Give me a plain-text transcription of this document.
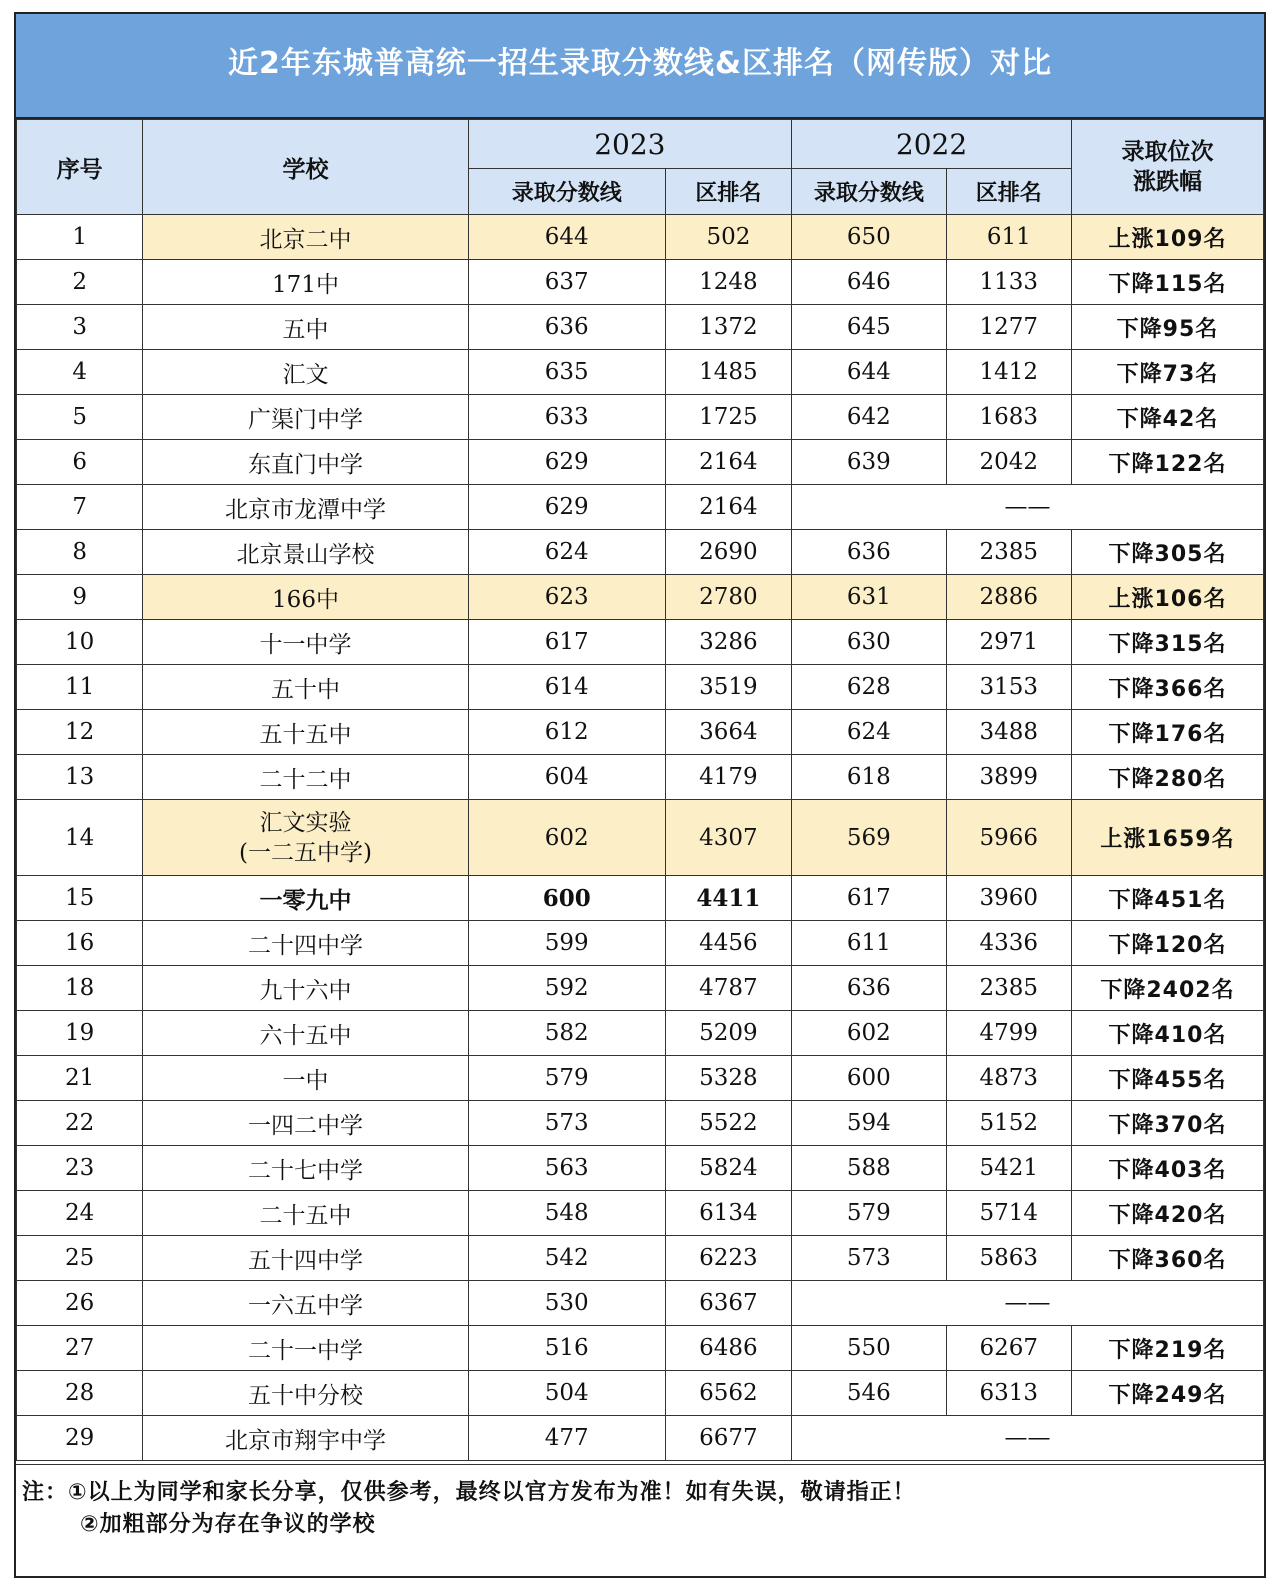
近2年东城普高统一招生录取分数线&区排名（网传版）对比
序号	学校	2023		2022		录取位次
涨跌幅

		录取分数线	区排名	录取分数线	区排名	
1	北京二中	644	502	650	611	上涨109名
2	171中	637	1248	646	1133	下降115名
3	五中	636	1372	645	1277	下降95名
4	汇文	635	1485	644	1412	下降73名
5	广渠门中学	633	1725	642	1683	下降42名
6	东直门中学	629	2164	639	2042	下降122名
7	北京市龙潭中学	629	2164	——		
8	北京景山学校	624	2690	636	2385	下降305名
9	166中	623	2780	631	2886	上涨106名
10	十一中学	617	3286	630	2971	下降315名
11	五十中	614	3519	628	3153	下降366名
12	五十五中	612	3664	624	3488	下降176名
13	二十二中	604	4179	618	3899	下降280名
14	汇文实验
(一二五中学)	602	4307	569	5966	上涨1659名
15	一零九中	600	4411	617	3960	下降451名
16	二十四中学	599	4456	611	4336	下降120名
18	九十六中	592	4787	636	2385	下降2402名
19	六十五中	582	5209	602	4799	下降410名
21	一中	579	5328	600	4873	下降455名
22	一四二中学	573	5522	594	5152	下降370名
23	二十七中学	563	5824	588	5421	下降403名
24	二十五中	548	6134	579	5714	下降420名
25	五十四中学	542	6223	573	5863	下降360名
26	一六五中学	530	6367	——		
27	二十一中学	516	6486	550	6267	下降219名
28	五十中分校	504	6562	546	6313	下降249名
29	北京市翔宇中学	477	6677	——		
注：①以上为同学和家长分享，仅供参考，最终以官方发布为准！如有失误，敬请指正！
②加粗部分为存在争议的学校
